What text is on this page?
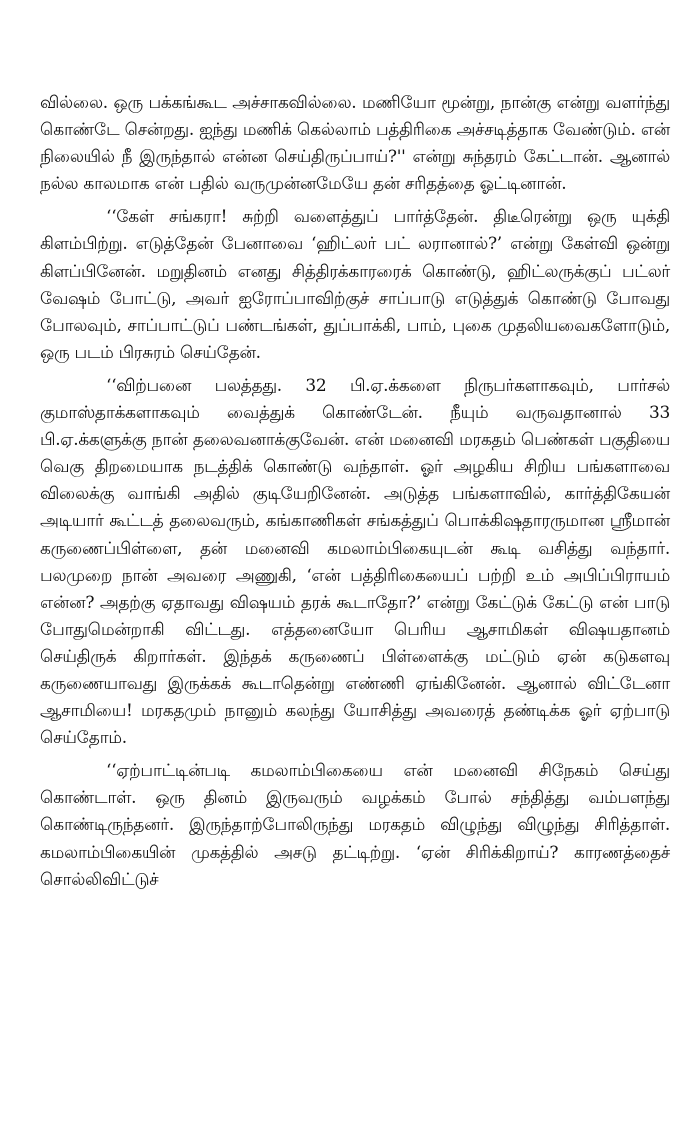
வில்லை. ஒரு பக்கங்கூட அச்சாகவில்லை. மணியோ மூன்று, நான்கு என்று வளர்ந்து கொண்டே சென்றது. ஐந்து மணிக் கெல்லாம் பத்திரிகை அச்சடித்தாக வேண்டும். என் நிலையில் நீ இருந்தால் என்ன செய்திருப்பாய்?'' என்று சுந்தரம் கேட்டான். ஆனால் நல்ல காலமாக என் பதில் வருமுன்னமேயே தன் சரிதத்தை ஓட்டினான்.

‘‘கேள் சங்கரா! சுற்றி வளைத்துப் பார்த்தேன். திடீரென்று ஒரு யுக்தி கிளம்பிற்று. எடுத்தேன் பேனாவை ‘ஹிட்லர் பட் லரானால்?’ என்று கேள்வி ஒன்று கிளப்பினேன். மறுதினம் எனது சித்திரக்காரரைக் கொண்டு, ஹிட்லருக்குப் பட்லர் வேஷம் போட்டு, அவர் ஐரோப்பாவிற்குச் சாப்பாடு எடுத்துக் கொண்டு போவது போலவும், சாப்பாட்டுப் பண்டங்கள், துப்பாக்கி, பாம், புகை முதலியவைகளோடும், ஒரு படம் பிரசுரம் செய்தேன்.

‘‘விற்பனை பலத்தது. 32 பி.ஏ.க்களை நிருபர்களாகவும், பார்சல் குமாஸ்தாக்களாகவும் வைத்துக் கொண்டேன். நீயும் வருவதானால் 33 பி.ஏ.க்களுக்கு நான் தலைவனாக்குவேன். என் மனைவி மரகதம் பெண்கள் பகுதியை வெகு திறமையாக நடத்திக் கொண்டு வந்தாள். ஓர் அழகிய சிறிய பங்களாவை விலைக்கு வாங்கி அதில் குடியேறினேன். அடுத்த பங்களாவில், கார்த்திகேயன் அடியார் கூட்டத் தலைவரும், கங்காணிகள் சங்கத்துப் பொக்கிஷதாரருமான ஸ்ரீமான் கருணைப்பிள்ளை, தன் மனைவி கமலாம்பிகையுடன் கூடி வசித்து வந்தார். பலமுறை நான் அவரை அணுகி, ‘என் பத்திரிகையைப் பற்றி உம் அபிப்பிராயம் என்ன? அதற்கு ஏதாவது விஷயம் தரக் கூடாதோ?’ என்று கேட்டுக் கேட்டு என் பாடு போதுமென்றாகி விட்டது. எத்தனையோ பெரிய ஆசாமிகள் விஷயதானம் செய்திருக் கிறார்கள். இந்தக் கருணைப் பிள்ளைக்கு மட்டும் ஏன் கடுகளவு கருணையாவது இருக்கக் கூடாதென்று எண்ணி ஏங்கினேன். ஆனால் விட்டேனா ஆசாமியை! மரகதமும் நானும் கலந்து யோசித்து அவரைத் தண்டிக்க ஓர் ஏற்பாடு செய்தோம்.

‘‘ஏற்பாட்டின்படி கமலாம்பிகையை என் மனைவி சிநேகம் செய்து கொண்டாள். ஒரு தினம் இருவரும் வழக்கம் போல் சந்தித்து வம்பளந்து கொண்டிருந்தனர். இருந்தாற்போலிருந்து மரகதம் விழுந்து விழுந்து சிரித்தாள். கமலாம்பிகையின் முகத்தில் அசடு தட்டிற்று. ‘ஏன் சிரிக்கிறாய்? காரணத்தைச் சொல்லிவிட்டுச்
